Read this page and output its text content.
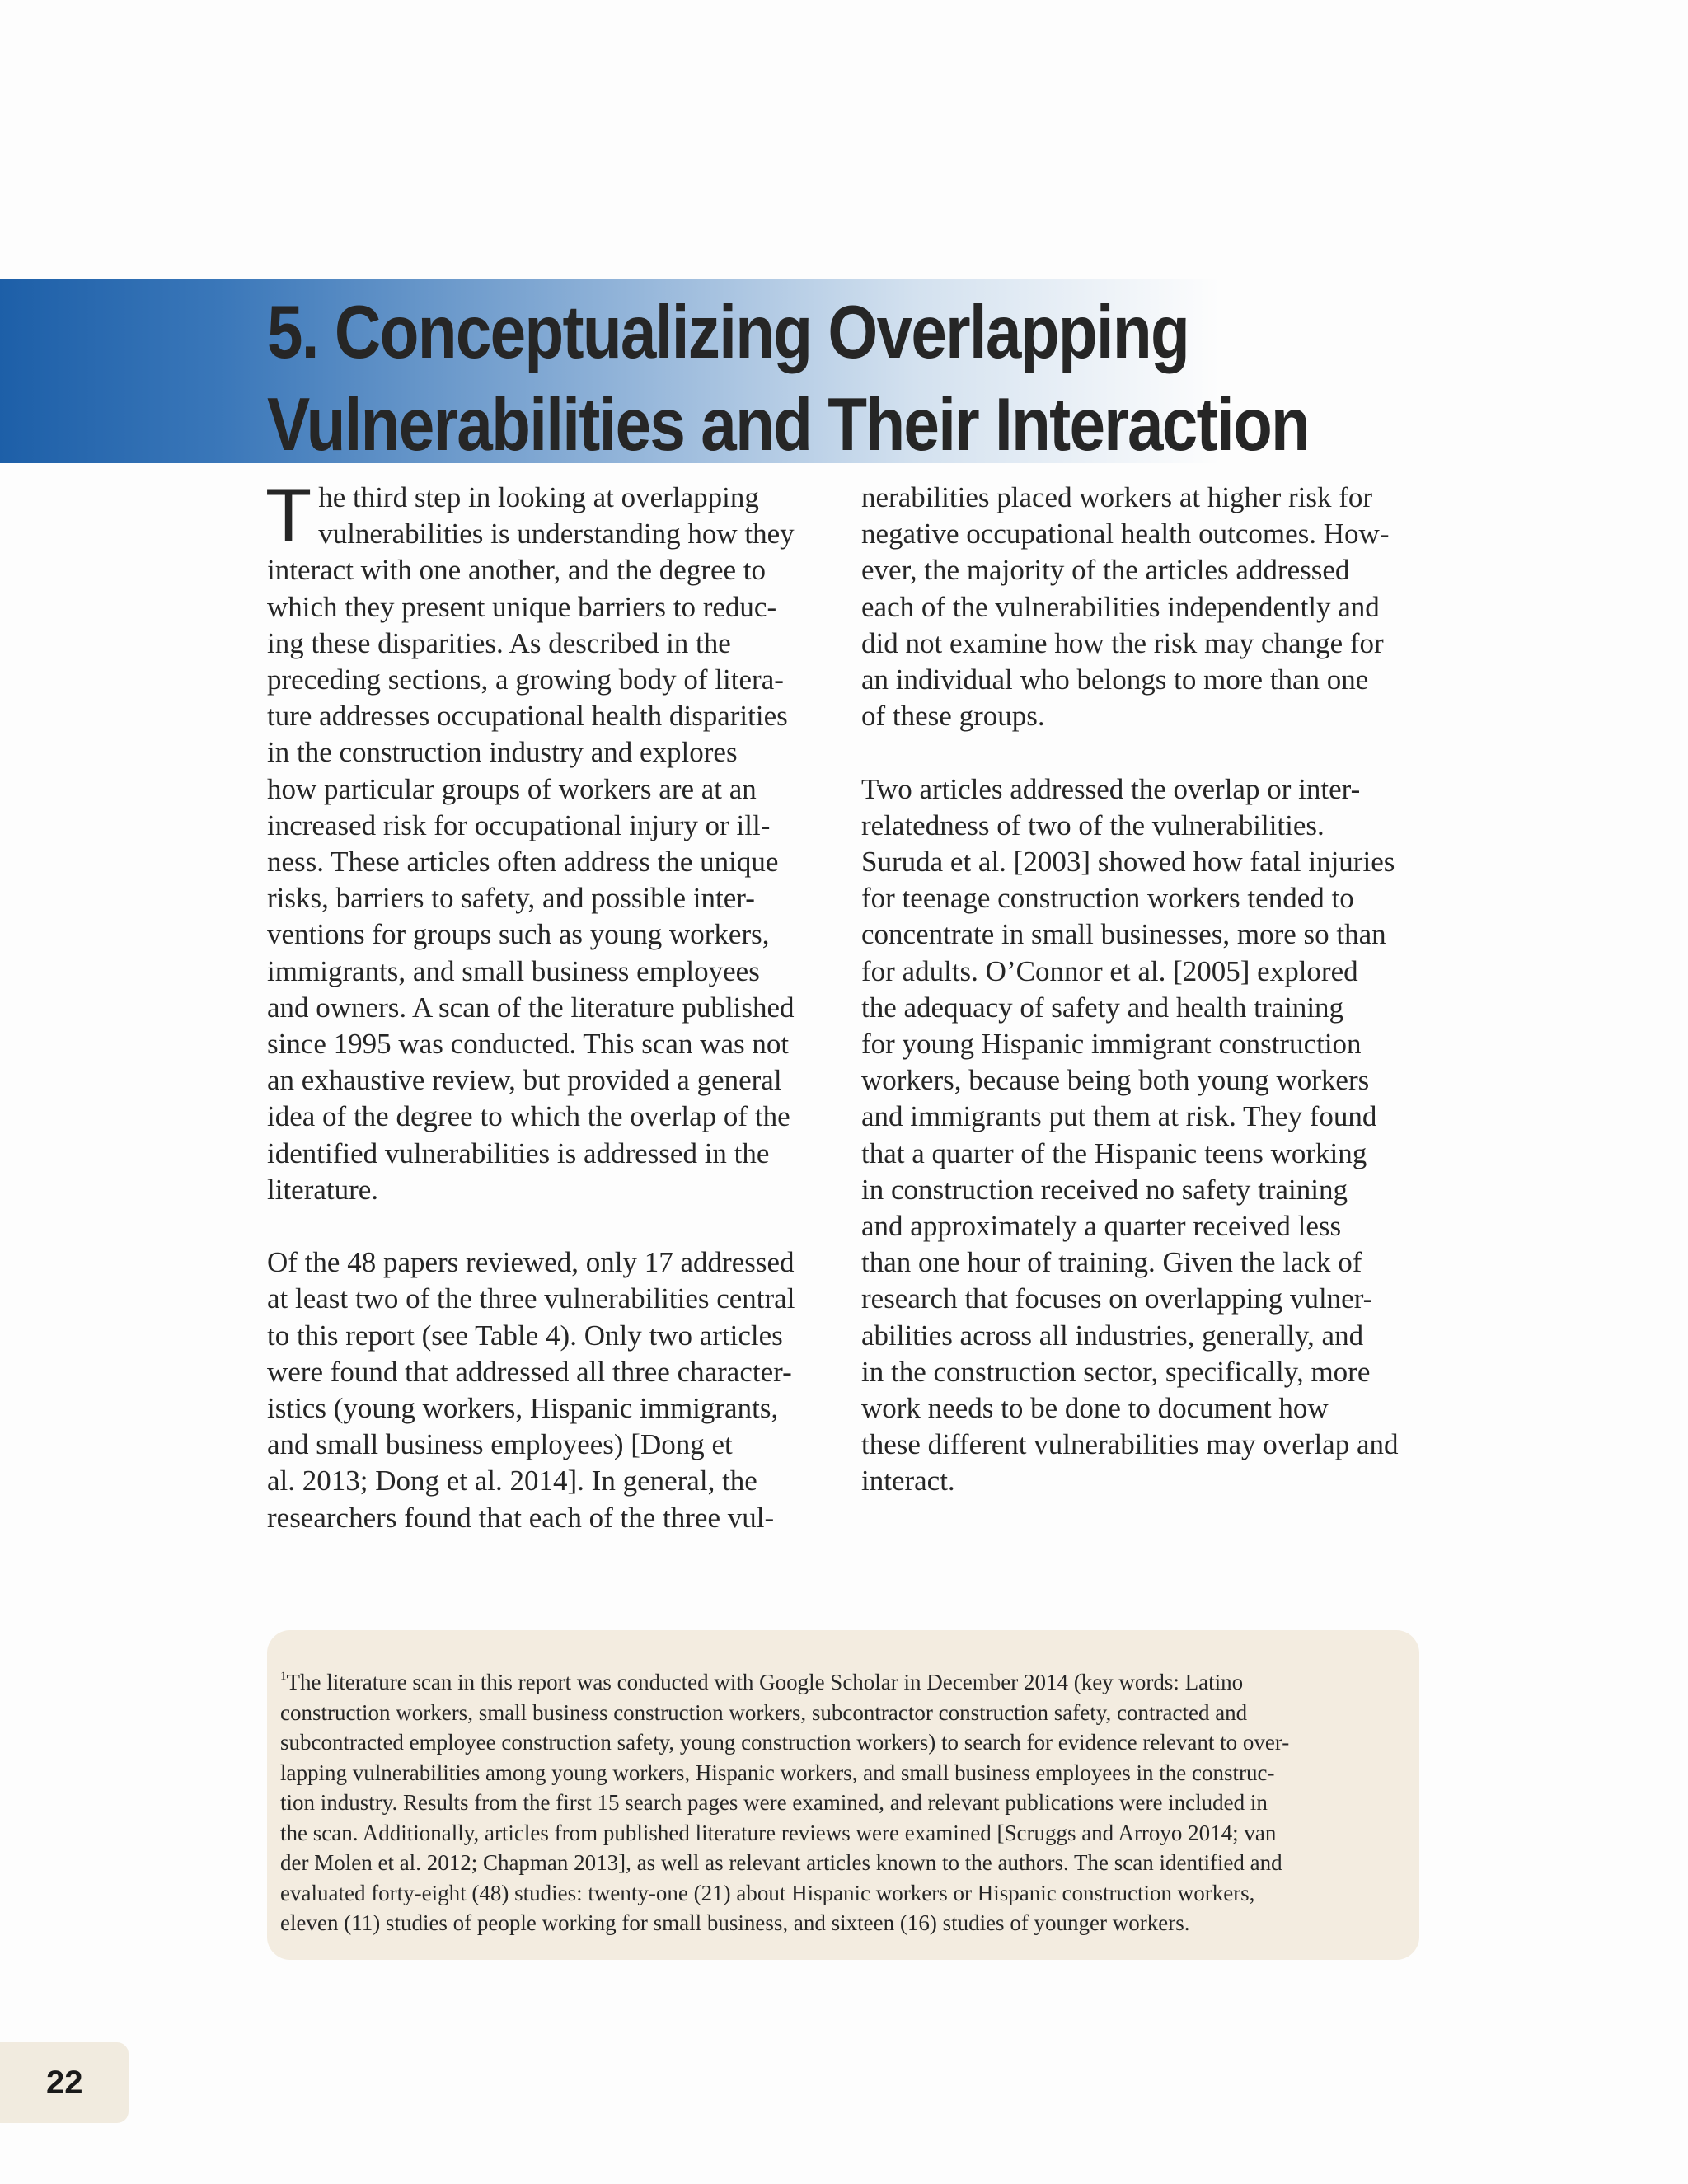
5. Conceptualizing Overlapping
Vulnerabilities and Their Interaction
T he third step in looking at overlapping
vulnerabilities is understanding how they
interact with one another, and the degree to
which they present unique barriers to reduc-
ing these disparities. As described in the
preceding sections, a growing body of litera-
ture addresses occupational health disparities
in the construction industry and explores
how particular groups of workers are at an
increased risk for occupational injury or ill-
ness. These articles often address the unique
risks, barriers to safety, and possible inter-
ventions for groups such as young workers,
immigrants, and small business employees
and owners. A scan of the literature published
since 1995 was conducted. This scan was not
an exhaustive review, but provided a general
idea of the degree to which the overlap of the
identified vulnerabilities is addressed in the
literature.
Of the 48 papers reviewed, only 17 addressed
at least two of the three vulnerabilities central
to this report (see Table 4). Only two articles
were found that addressed all three character-
istics (young workers, Hispanic immigrants,
and small business employees) [Dong et
al. 2013; Dong et al. 2014]. In general, the
researchers found that each of the three vul-
nerabilities placed workers at higher risk for
negative occupational health outcomes. How-
ever, the majority of the articles addressed
each of the vulnerabilities independently and
did not examine how the risk may change for
an individual who belongs to more than one
of these groups.
Two articles addressed the overlap or inter-
relatedness of two of the vulnerabilities.
Suruda et al. [2003] showed how fatal injuries
for teenage construction workers tended to
concentrate in small businesses, more so than
for adults. O’Connor et al. [2005] explored
the adequacy of safety and health training
for young Hispanic immigrant construction
workers, because being both young workers
and immigrants put them at risk. They found
that a quarter of the Hispanic teens working
in construction received no safety training
and approximately a quarter received less
than one hour of training. Given the lack of
research that focuses on overlapping vulner-
abilities across all industries, generally, and
in the construction sector, specifically, more
work needs to be done to document how
these different vulnerabilities may overlap and
interact.
$^1$The literature scan in this report was conducted with Google Scholar in December 2014 (key words: Latino
construction workers, small business construction workers, subcontractor construction safety, contracted and
subcontracted employee construction safety, young construction workers) to search for evidence relevant to over-
lapping vulnerabilities among young workers, Hispanic workers, and small business employees in the construc-
tion industry. Results from the first 15 search pages were examined, and relevant publications were included in
the scan. Additionally, articles from published literature reviews were examined [Scruggs and Arroyo 2014; van
der Molen et al. 2012; Chapman 2013], as well as relevant articles known to the authors. The scan identified and
evaluated forty-eight (48) studies: twenty-one (21) about Hispanic workers or Hispanic construction workers,
eleven (11) studies of people working for small business, and sixteen (16) studies of younger workers.
22
